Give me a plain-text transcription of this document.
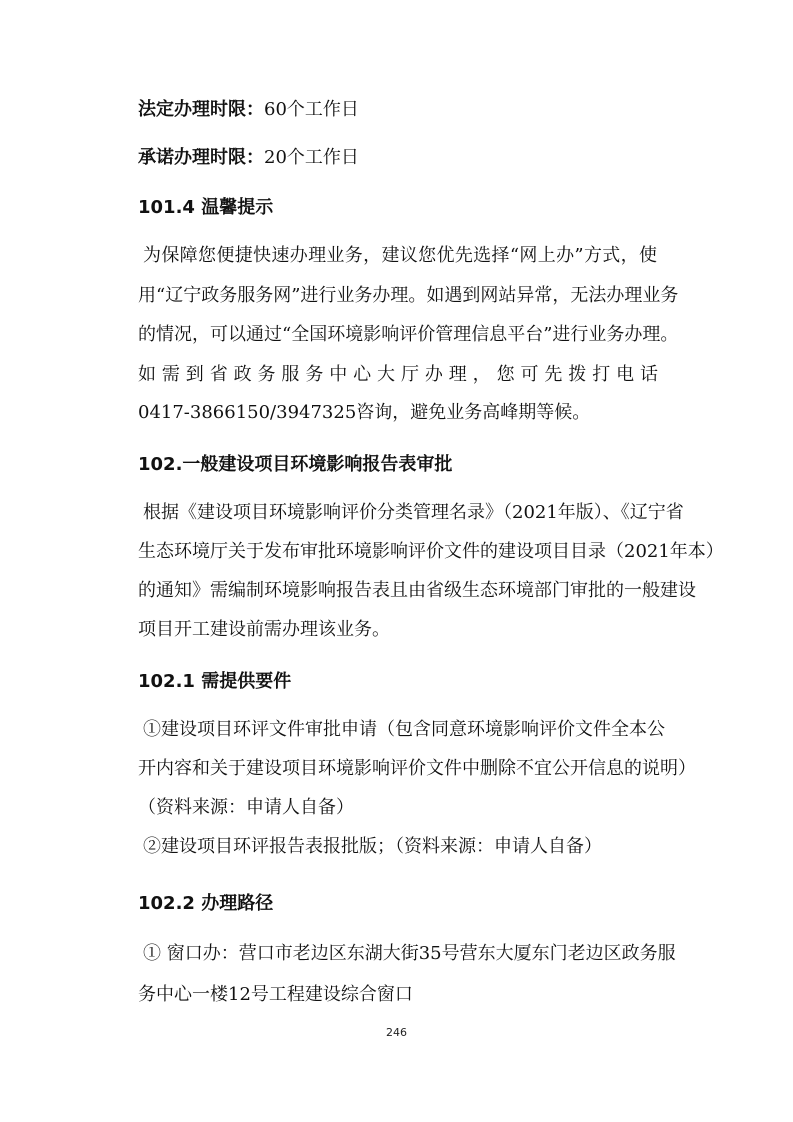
法定办理时限：60个工作日
承诺办理时限：20个工作日
101.4 温馨提示
为保障您便捷快速办理业务，建议您优先选择“网上办”方式，使
用“辽宁政务服务网”进行业务办理。如遇到网站异常，无法办理业务
的情况，可以通过“全国环境影响评价管理信息平台”进行业务办理。
如需到省政务服务中心大厅办理，您可先拨打电话
0417-3866150/3947325咨询，避免业务高峰期等候。
102.一般建设项目环境影响报告表审批
根据《建设项目环境影响评价分类管理名录》（2021年版）、《辽宁省
生态环境厅关于发布审批环境影响评价文件的建设项目目录（2021年本）
的通知》需编制环境影响报告表且由省级生态环境部门审批的一般建设
项目开工建设前需办理该业务。
102.1 需提供要件
①建设项目环评文件审批申请（包含同意环境影响评价文件全本公
开内容和关于建设项目环境影响评价文件中删除不宜公开信息的说明）
（资料来源：申请人自备）
②建设项目环评报告表报批版；（资料来源：申请人自备）
102.2 办理路径
① 窗口办：营口市老边区东湖大街35号营东大厦东门老边区政务服
务中心一楼12号工程建设综合窗口
246
